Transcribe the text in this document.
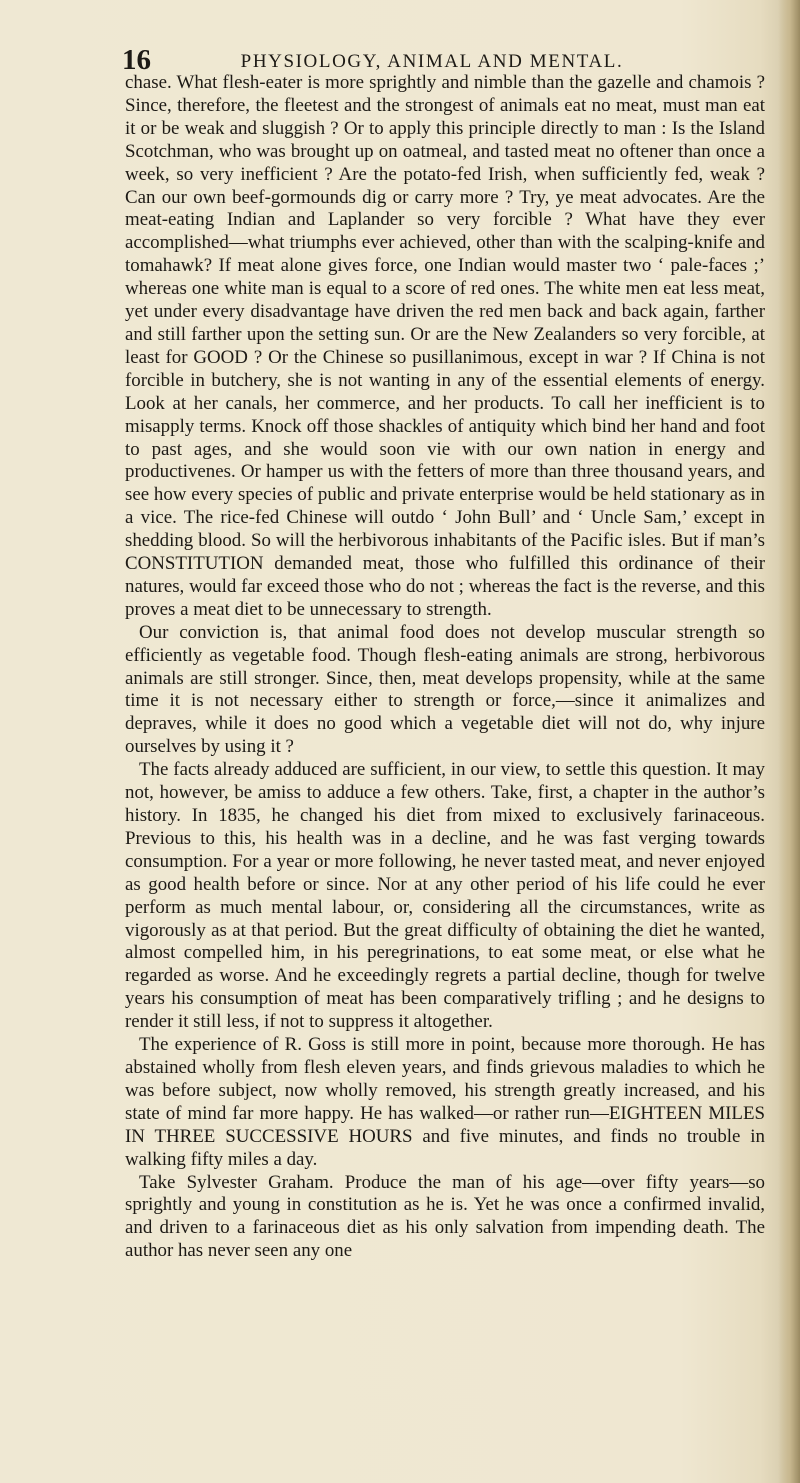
16	PHYSIOLOGY, ANIMAL AND MENTAL.

chase. What flesh-eater is more sprightly and nimble than the gazelle and chamois ? Since, therefore, the fleetest and the strongest of animals eat no meat, must man eat it or be weak and sluggish ? Or to apply this principle directly to man : Is the Island Scotchman, who was brought up on oatmeal, and tasted meat no oftener than once a week, so very inefficient ? Are the potato-fed Irish, when sufficiently fed, weak ? Can our own beef-gormounds dig or carry more ? Try, ye meat advocates. Are the meat-eating Indian and Laplander so very forcible ? What have they ever accomplished—what triumphs ever achieved, other than with the scalping-knife and tomahawk? If meat alone gives force, one Indian would master two ‘ pale-faces ;’ whereas one white man is equal to a score of red ones. The white men eat less meat, yet under every disadvantage have driven the red men back and back again, farther and still farther upon the setting sun. Or are the New Zealanders so very forcible, at least for GOOD ? Or the Chinese so pusillanimous, except in war ? If China is not forcible in butchery, she is not wanting in any of the essential elements of energy. Look at her canals, her commerce, and her products. To call her inefficient is to misapply terms. Knock off those shackles of antiquity which bind her hand and foot to past ages, and she would soon vie with our own nation in energy and productivenes. Or hamper us with the fetters of more than three thousand years, and see how every species of public and private enterprise would be held stationary as in a vice. The rice-fed Chinese will outdo ‘ John Bull’ and ‘ Uncle Sam,’ except in shedding blood. So will the herbivorous inhabitants of the Pacific isles. But if man’s CONSTITUTION demanded meat, those who fulfilled this ordinance of their natures, would far exceed those who do not ; whereas the fact is the reverse, and this proves a meat diet to be unnecessary to strength.

Our conviction is, that animal food does not develop muscular strength so efficiently as vegetable food. Though flesh-eating animals are strong, herbivorous animals are still stronger. Since, then, meat develops propensity, while at the same time it is not necessary either to strength or force,—since it animalizes and depraves, while it does no good which a vegetable diet will not do, why injure ourselves by using it ?

The facts already adduced are sufficient, in our view, to settle this question. It may not, however, be amiss to adduce a few others. Take, first, a chapter in the author’s history. In 1835, he changed his diet from mixed to exclusively farinaceous. Previous to this, his health was in a decline, and he was fast verging towards consumption. For a year or more following, he never tasted meat, and never enjoyed as good health before or since. Nor at any other period of his life could he ever perform as much mental labour, or, considering all the circumstances, write as vigorously as at that period. But the great difficulty of obtaining the diet he wanted, almost compelled him, in his peregrinations, to eat some meat, or else what he regarded as worse. And he exceedingly regrets a partial decline, though for twelve years his consumption of meat has been comparatively trifling ; and he designs to render it still less, if not to suppress it altogether.

The experience of R. Goss is still more in point, because more thorough. He has abstained wholly from flesh eleven years, and finds grievous maladies to which he was before subject, now wholly removed, his strength greatly increased, and his state of mind far more happy. He has walked—or rather run—EIGHTEEN MILES IN THREE SUCCESSIVE HOURS and five minutes, and finds no trouble in walking fifty miles a day.

Take Sylvester Graham. Produce the man of his age—over fifty years—so sprightly and young in constitution as he is. Yet he was once a confirmed invalid, and driven to a farinaceous diet as his only salvation from impending death. The author has never seen any one
